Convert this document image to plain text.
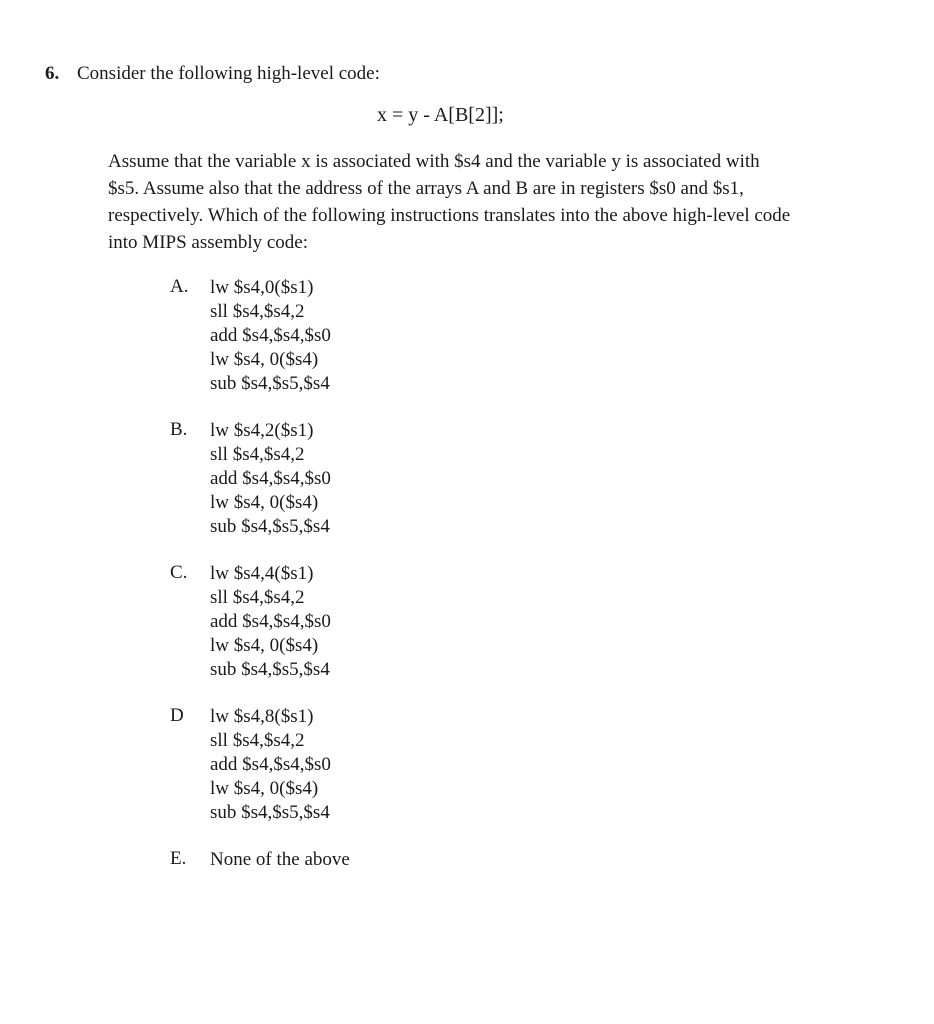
6. Consider the following high-level code:
x = y - A[B[2]];
Assume that the variable x is associated with $s4 and the variable y is associated with
$s5. Assume also that the address of the arrays A and B are in registers $s0 and $s1,
respectively. Which of the following instructions translates into the above high-level code
into MIPS assembly code:
A. lw $s4,0($s1)
sll $s4,$s4,2
add $s4,$s4,$s0
lw $s4, 0($s4)
sub $s4,$s5,$s4
B. lw $s4,2($s1)
sll $s4,$s4,2
add $s4,$s4,$s0
lw $s4, 0($s4)
sub $s4,$s5,$s4
C. lw $s4,4($s1)
sll $s4,$s4,2
add $s4,$s4,$s0
lw $s4, 0($s4)
sub $s4,$s5,$s4
D lw $s4,8($s1)
sll $s4,$s4,2
add $s4,$s4,$s0
lw $s4, 0($s4)
sub $s4,$s5,$s4
E. None of the above
